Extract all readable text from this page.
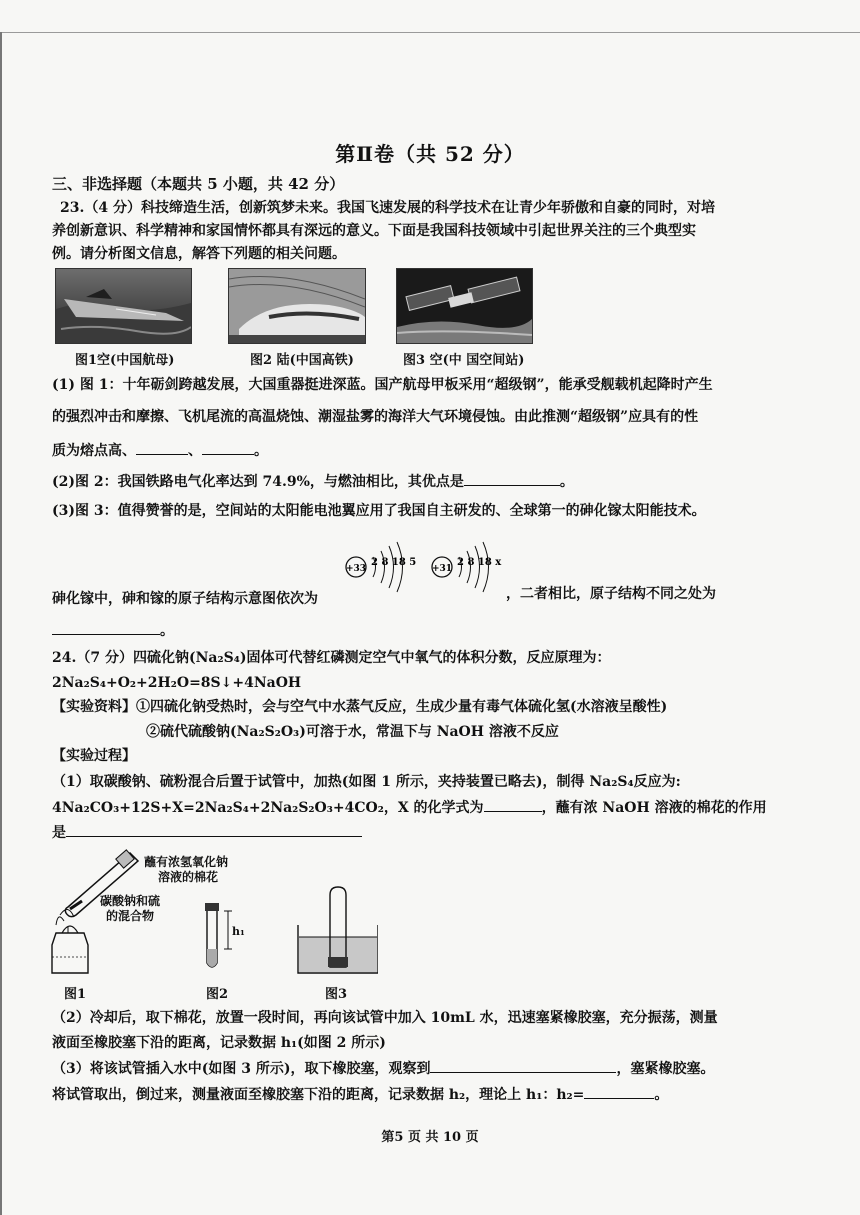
第Ⅱ卷（共 52 分）
三、非选择题（本题共 5 小题，共 42 分）
23.（4 分）科技缔造生活，创新筑梦未来。我国飞速发展的科学技术在让青少年骄傲和自豪的同时，对培
养创新意识、科学精神和家国情怀都具有深远的意义。下面是我国科技领域中引起世界关注的三个典型实
例。请分析图文信息，解答下列题的相关问题。
图1空(中国航母)	图2 陆(中国高铁)	图3 空(中 国空间站)
(1) 图 1：十年砺剑跨越发展，大国重器挺进深蓝。国产航母甲板采用“超级钢”，能承受舰载机起降时产生
的强烈冲击和摩擦、飞机尾流的高温烧蚀、潮湿盐雾的海洋大气环境侵蚀。由此推测“超级钢”应具有的性
质为熔点高、	、	。
(2)图 2：我国铁路电气化率达到 74.9%，与燃油相比，其优点是	。
(3)图 3：值得赞誉的是，空间站的太阳能电池翼应用了我国自主研发的、全球第一的砷化镓太阳能技术。
+33
2 8 18 5
+31
2 8 18 x
砷化镓中，砷和镓的原子结构示意图依次为	，二者相比，原子结构不同之处为
。
24.（7 分）四硫化钠(Na₂S₄)固体可代替红磷测定空气中氧气的体积分数，反应原理为：
2Na₂S₄+O₂+2H₂O=8S↓+4NaOH
【实验资料】①四硫化钠受热时，会与空气中水蒸气反应，生成少量有毒气体硫化氢(水溶液呈酸性)
②硫代硫酸钠(Na₂S₂O₃)可溶于水，常温下与 NaOH 溶液不反应
【实验过程】
（1）取碳酸钠、硫粉混合后置于试管中，加热(如图 1 所示，夹持装置已略去)，制得 Na₂S₄反应为:
4Na₂CO₃+12S+X=2Na₂S₄+2Na₂S₂O₃+4CO₂，X 的化学式为	，蘸有浓 NaOH 溶液的棉花的作用
是
蘸有浓氢氧化钠
溶液的棉花
碳酸钠和硫
的混合物
h₁
图1	图2	图3
（2）冷却后，取下棉花，放置一段时间，再向该试管中加入 10mL 水，迅速塞紧橡胶塞，充分振荡，测量
液面至橡胶塞下沿的距离，记录数据 h₁(如图 2 所示)
（3）将该试管插入水中(如图 3 所示)，取下橡胶塞，观察到	，塞紧橡胶塞。
将试管取出，倒过来，测量液面至橡胶塞下沿的距离，记录数据 h₂，理论上 h₁：h₂=	。
第5 页 共 10 页
